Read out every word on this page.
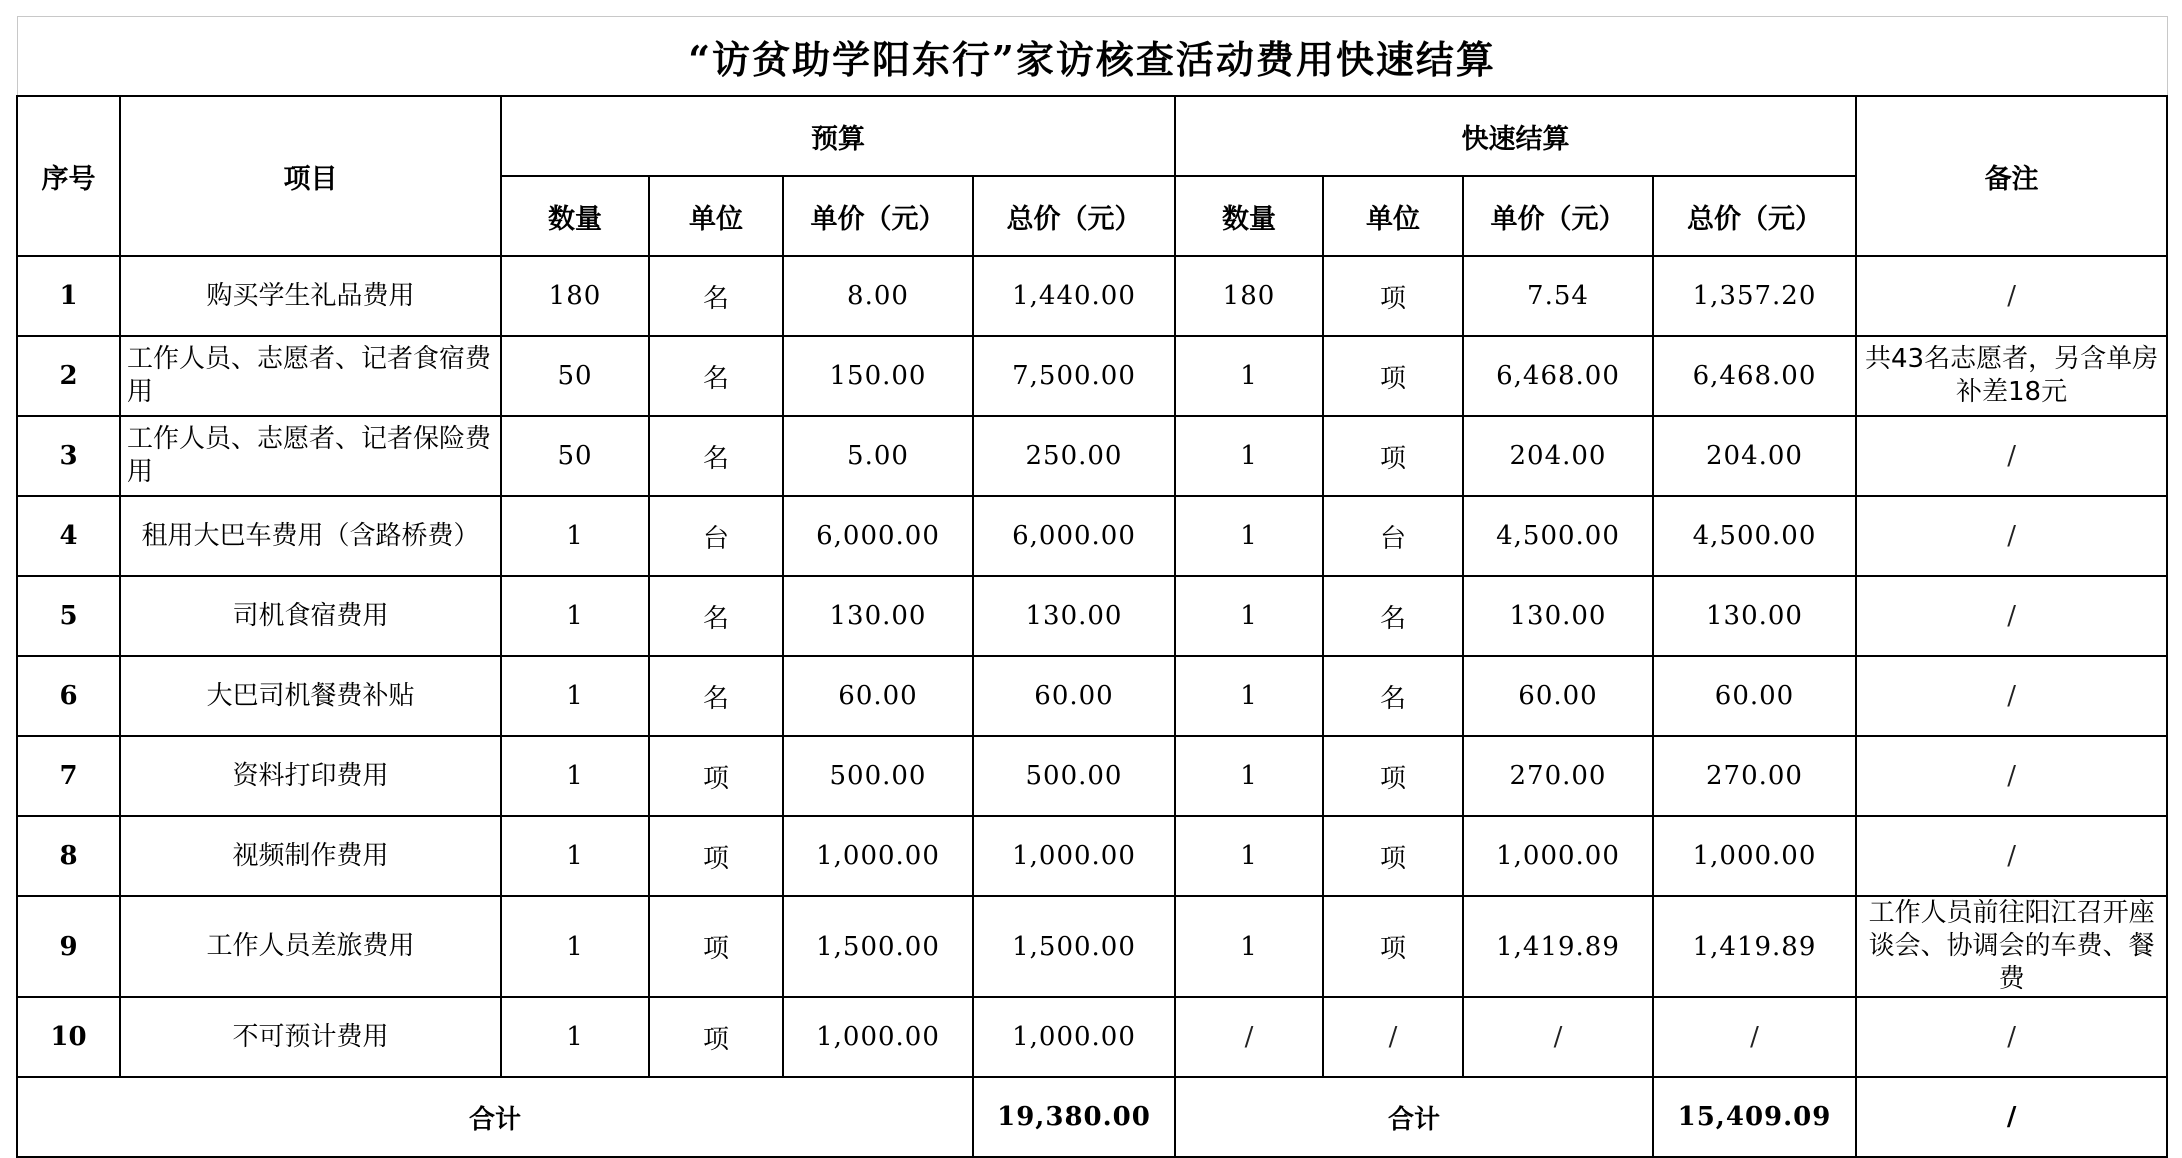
“访贫助学阳东行”家访核查活动费用快速结算										
序号	项目	预算				快速结算				备注
		数量	单位	单价（元）	总价（元）	数量	单位	单价（元）	总价（元）	
1	购买学生礼品费用	180	名	8.00	1,440.00	180	项	7.54	1,357.20	/
2	工作人员、志愿者、记者食宿费用	50	名	150.00	7,500.00	1	项	6,468.00	6,468.00	共43名志愿者，另含单房补差18元
3	工作人员、志愿者、记者保险费用	50	名	5.00	250.00	1	项	204.00	204.00	/
4	租用大巴车费用（含路桥费）	1	台	6,000.00	6,000.00	1	台	4,500.00	4,500.00	/
5	司机食宿费用	1	名	130.00	130.00	1	名	130.00	130.00	/
6	大巴司机餐费补贴	1	名	60.00	60.00	1	名	60.00	60.00	/
7	资料打印费用	1	项	500.00	500.00	1	项	270.00	270.00	/
8	视频制作费用	1	项	1,000.00	1,000.00	1	项	1,000.00	1,000.00	/
9	工作人员差旅费用	1	项	1,500.00	1,500.00	1	项	1,419.89	1,419.89	工作人员前往阳江召开座谈会、协调会的车费、餐费
10	不可预计费用	1	项	1,000.00	1,000.00	/	/	/	/	/
合计					19,380.00	合计			15,409.09	/
